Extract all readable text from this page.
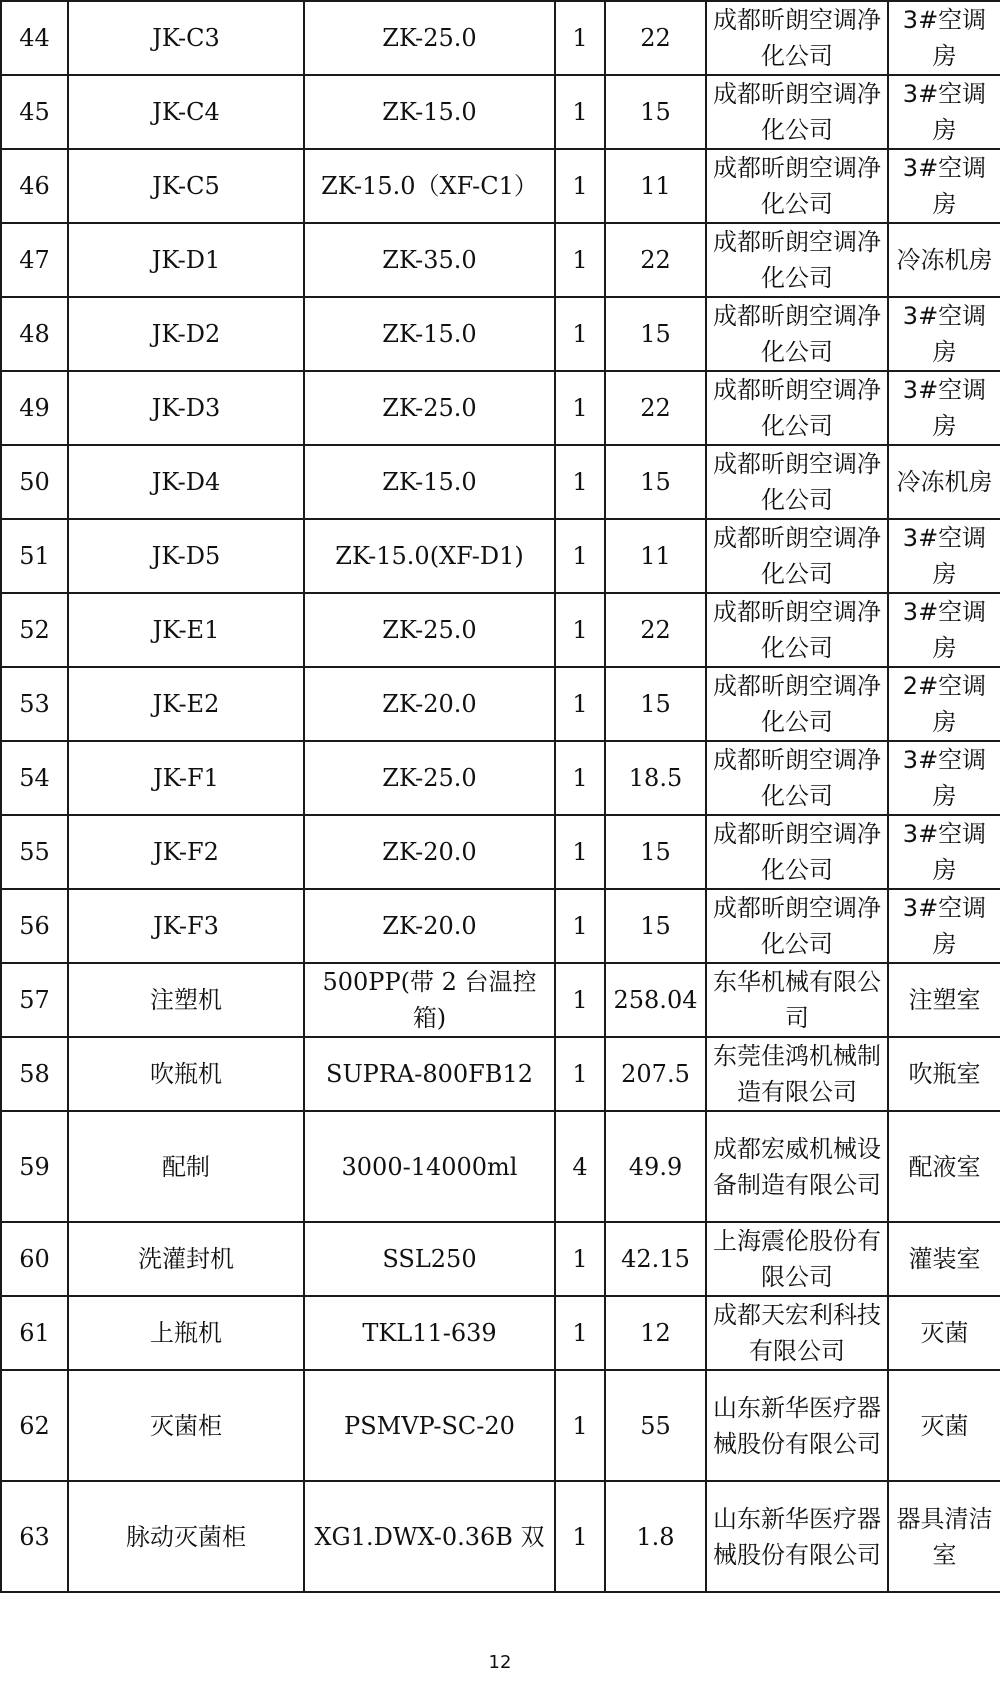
44	JK-C3	ZK-25.0	1	22	成都昕朗空调净化公司	3#空调房
45	JK-C4	ZK-15.0	1	15	成都昕朗空调净化公司	3#空调房
46	JK-C5	ZK-15.0（XF-C1）	1	11	成都昕朗空调净化公司	3#空调房
47	JK-D1	ZK-35.0	1	22	成都昕朗空调净化公司	冷冻机房
48	JK-D2	ZK-15.0	1	15	成都昕朗空调净化公司	3#空调房
49	JK-D3	ZK-25.0	1	22	成都昕朗空调净化公司	3#空调房
50	JK-D4	ZK-15.0	1	15	成都昕朗空调净化公司	冷冻机房
51	JK-D5	ZK-15.0(XF-D1)	1	11	成都昕朗空调净化公司	3#空调房
52	JK-E1	ZK-25.0	1	22	成都昕朗空调净化公司	3#空调房
53	JK-E2	ZK-20.0	1	15	成都昕朗空调净化公司	2#空调房
54	JK-F1	ZK-25.0	1	18.5	成都昕朗空调净化公司	3#空调房
55	JK-F2	ZK-20.0	1	15	成都昕朗空调净化公司	3#空调房
56	JK-F3	ZK-20.0	1	15	成都昕朗空调净化公司	3#空调房
57	注塑机	500PP(带 2 台温控箱)	1	258.04	东华机械有限公司	注塑室
58	吹瓶机	SUPRA-800FB12	1	207.5	东莞佳鸿机械制造有限公司	吹瓶室
59	配制	3000-14000ml	4	49.9	成都宏威机械设备制造有限公司	配液室
60	洗灌封机	SSL250	1	42.15	上海震伦股份有限公司	灌装室
61	上瓶机	TKL11-639	1	12	成都天宏利科技有限公司	灭菌
62	灭菌柜	PSMVP-SC-20	1	55	山东新华医疗器械股份有限公司	灭菌
63	脉动灭菌柜	XG1.DWX-0.36B 双	1	1.8	山东新华医疗器械股份有限公司	器具清洁室
12
